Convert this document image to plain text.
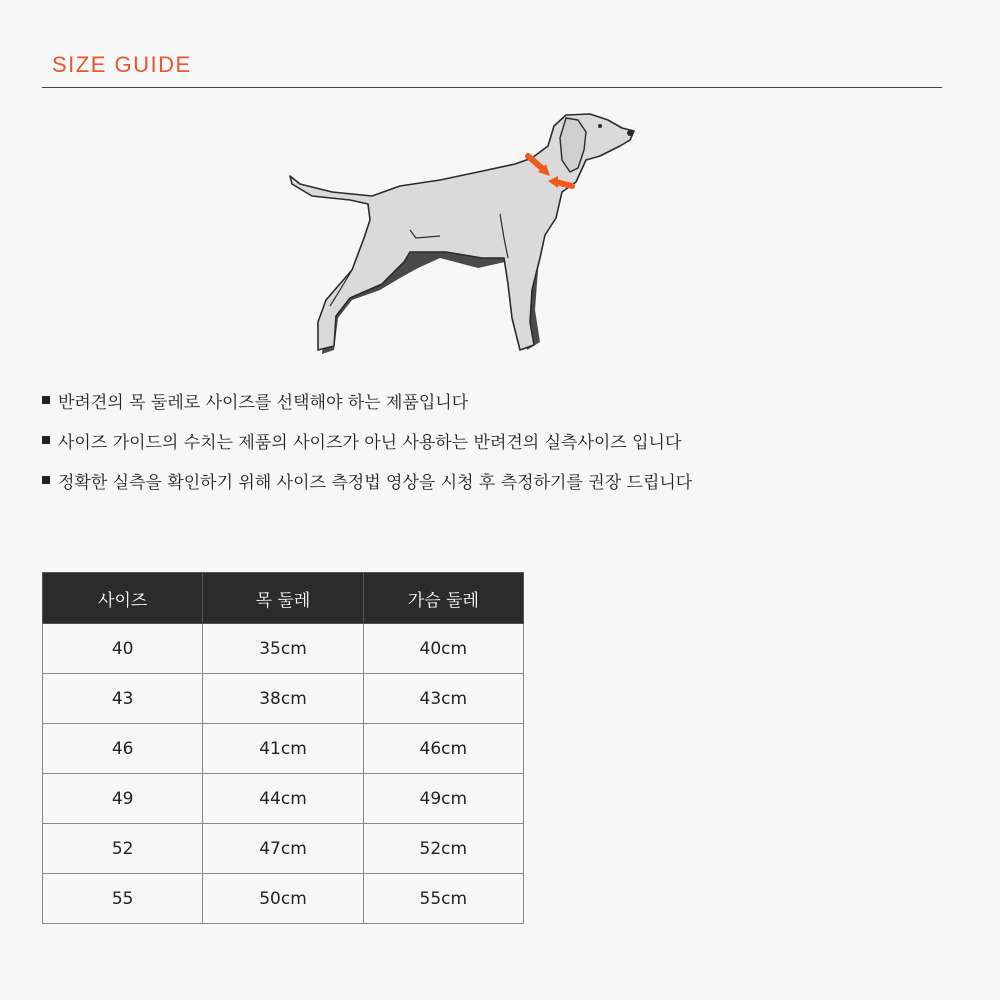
SIZE GUIDE
반려견의 목 둘레로 사이즈를 선택해야 하는 제품입니다
사이즈 가이드의 수치는 제품의 사이즈가 아닌 사용하는 반려견의 실측사이즈 입니다
정확한 실측을 확인하기 위해 사이즈 측정법 영상을 시청 후 측정하기를 권장 드립니다
사이즈	목 둘레	가슴 둘레
40	35cm	40cm
43	38cm	43cm
46	41cm	46cm
49	44cm	49cm
52	47cm	52cm
55	50cm	55cm
